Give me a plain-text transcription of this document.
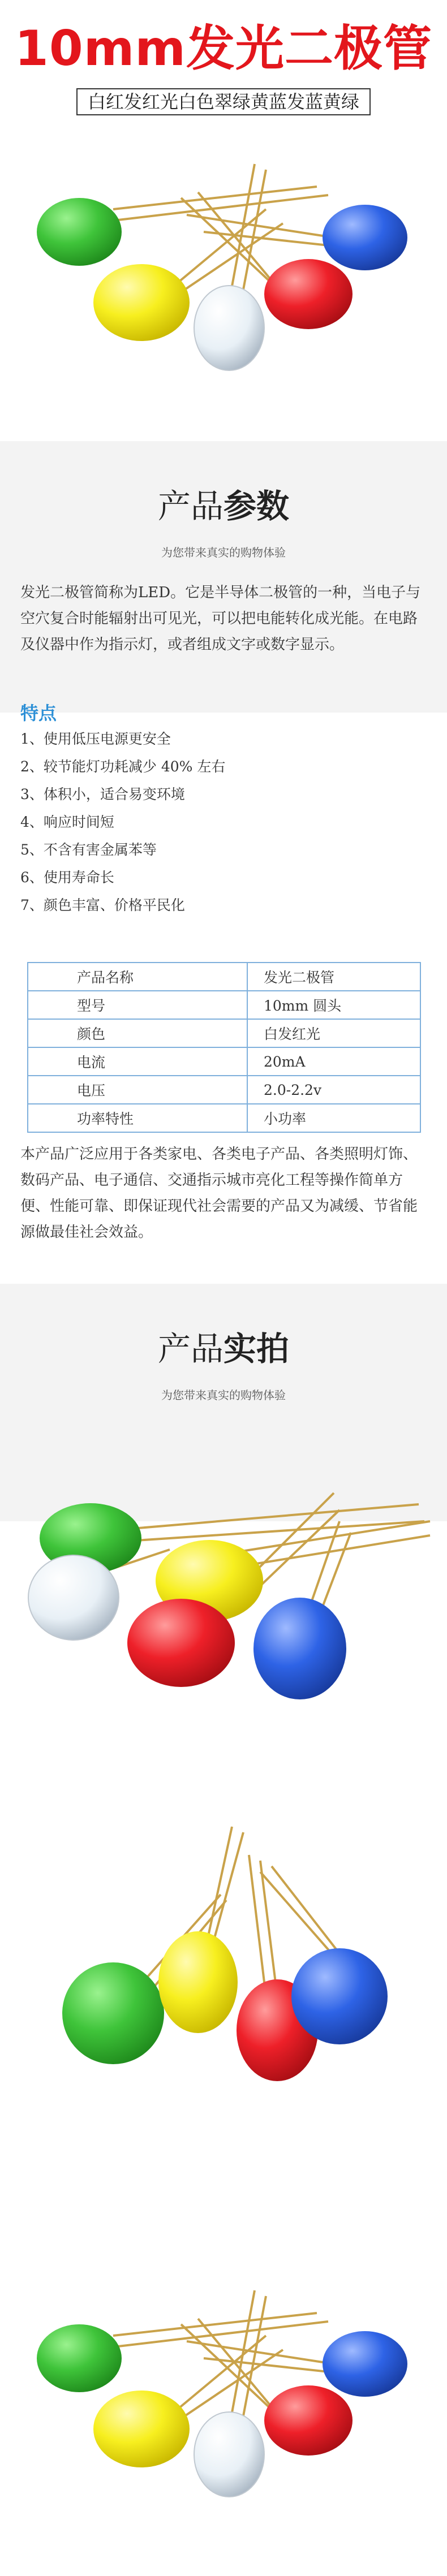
10mm发光二极管
白红发红光白色翠绿黄蓝发蓝黄绿
产品参数
为您带来真实的购物体验
发光二极管简称为LED。它是半导体二极管的一种，当电子与空穴复合时能辐射出可见光，可以把电能转化成光能。在电路及仪器中作为指示灯，或者组成文字或数字显示。
特点
1、使用低压电源更安全
2、较节能灯功耗减少 40% 左右
3、体积小，适合易变环境
4、响应时间短
5、不含有害金属苯等
6、使用寿命长
7、颜色丰富、价格平民化
产品名称	发光二极管
型号	10mm 圆头
颜色	白发红光
电流	20mA
电压	2.0-2.2v
功率特性	小功率
本产品广泛应用于各类家电、各类电子产品、各类照明灯饰、数码产品、电子通信、交通指示城市亮化工程等操作简单方便、性能可靠、即保证现代社会需要的产品又为减缓、节省能源做最佳社会效益。
产品实拍
为您带来真实的购物体验
